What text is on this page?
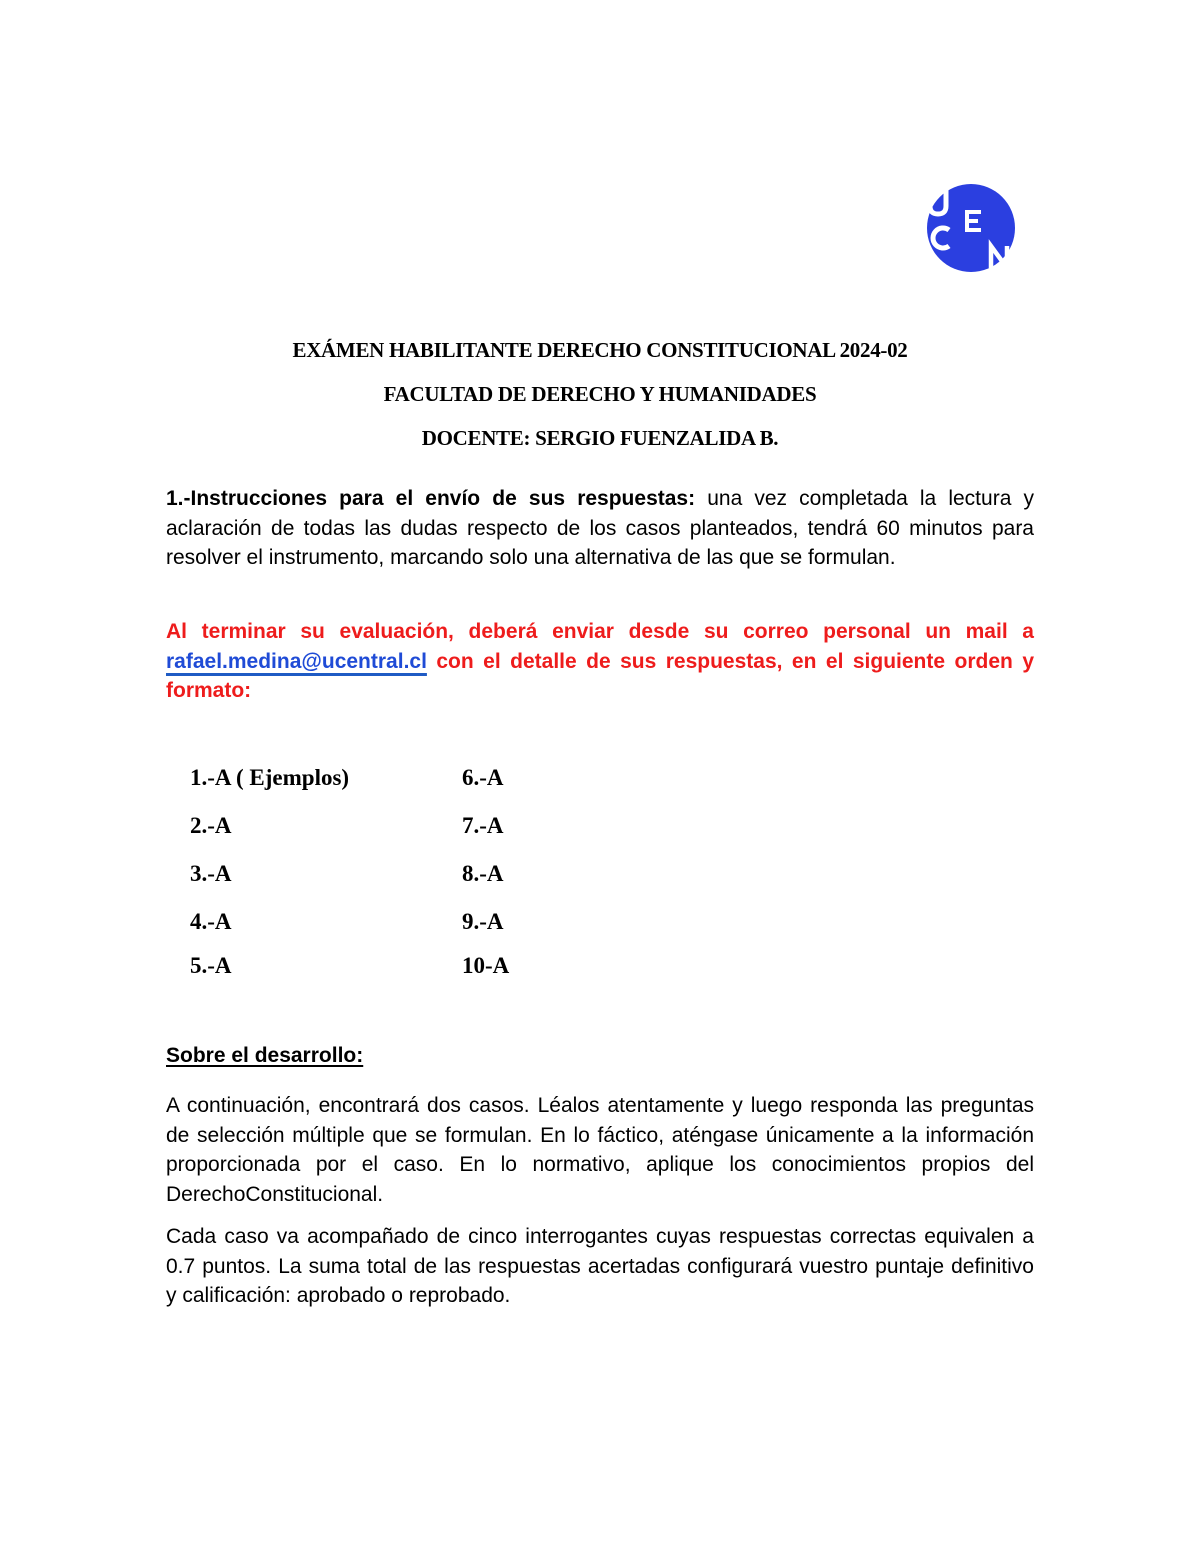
EXÁMEN HABILITANTE DERECHO CONSTITUCIONAL 2024-02
FACULTAD DE DERECHO Y HUMANIDADES
DOCENTE: SERGIO FUENZALIDA B.
1.-Instrucciones para el envío de sus respuestas: una vez completada la lectura y aclaración de todas las dudas respecto de los casos planteados, tendrá 60 minutos para resolver el instrumento, marcando solo una alternativa de las que se formulan.
Al terminar su evaluación, deberá enviar desde su correo personal un mail a rafael.medina@ucentral.cl con el detalle de sus respuestas, en el siguiente orden y formato:
1.-A ( Ejemplos)
2.-A
3.-A
4.-A
5.-A
6.-A
7.-A
8.-A
9.-A
10-A
Sobre el desarrollo:
A continuación, encontrará dos casos. Léalos atentamente y luego responda las preguntas de selección múltiple que se formulan. En lo fáctico, aténgase únicamente a la información proporcionada por el caso. En lo normativo, aplique los conocimientos propios del DerechoConstitucional.
Cada caso va acompañado de cinco interrogantes cuyas respuestas correctas equivalen a 0.7 puntos. La suma total de las respuestas acertadas configurará vuestro puntaje definitivo y calificación: aprobado o reprobado.
